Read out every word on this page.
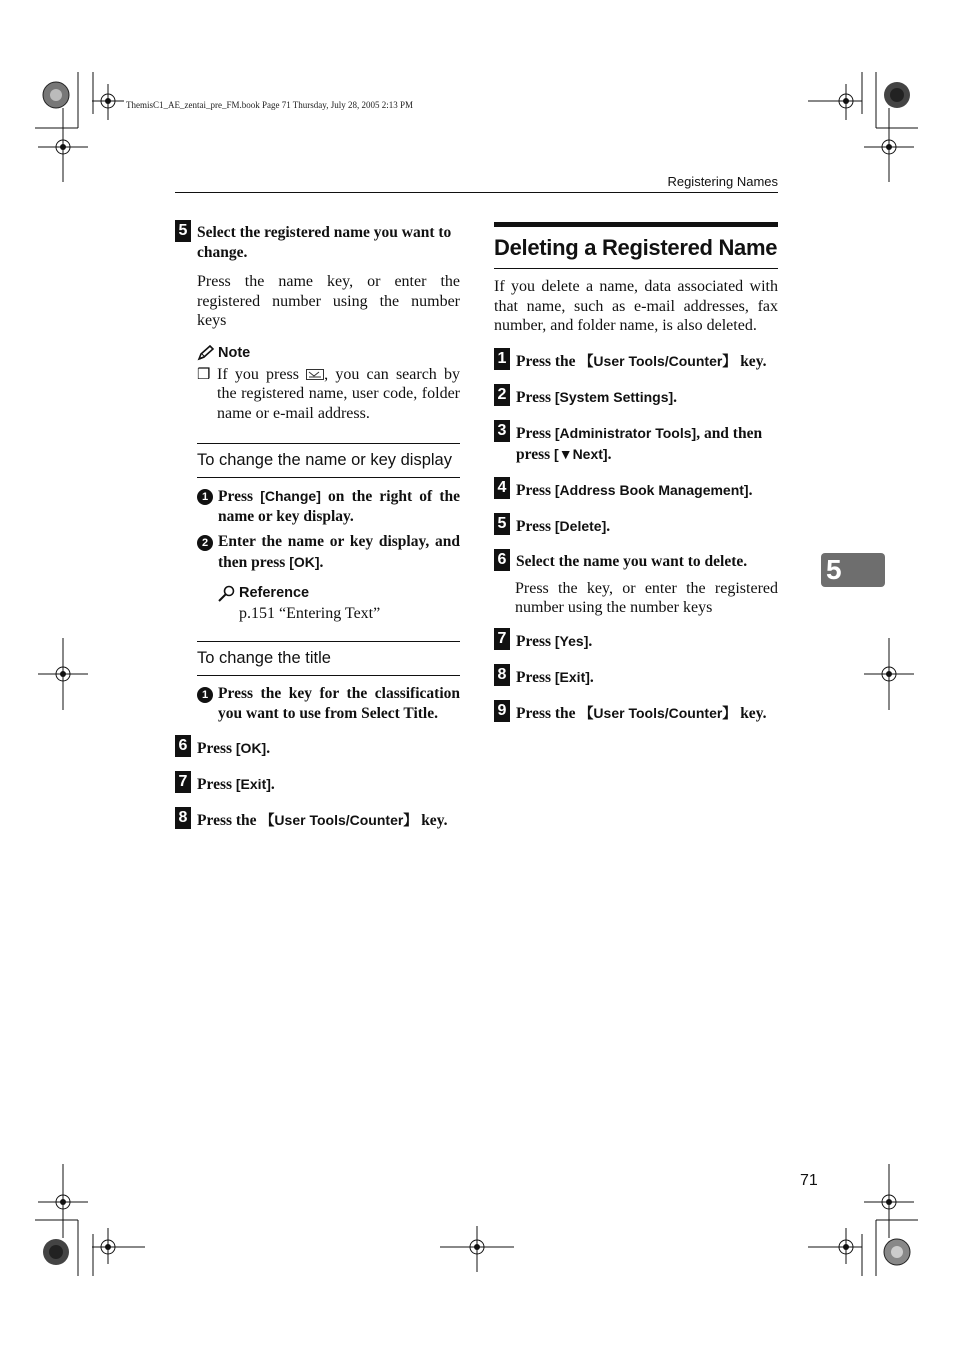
ThemisC1_AE_zentai_pre_FM.book Page 71 Thursday, July 28, 2005 2:13 PM
Registering Names
5 Select the registered name you want to change.
Press the name key, or enter the registered number using the number keys
Note
❒ If you press , you can search by the registered name, user code, folder name or e-mail address.
To change the name or key display
1 Press [Change] on the right of the name or key display.
2 Enter the name or key display, and then press [OK].
Reference
p.151 “Entering Text”
To change the title
1 Press the key for the classification you want to use from Select Title.
6 Press [OK].
7 Press [Exit].
8 Press the 【User Tools/Counter】 key.
Deleting a Registered Name
If you delete a name, data associated with that name, such as e-mail addresses, fax number, and folder name, is also deleted.
1 Press the 【User Tools/Counter】 key.
2 Press [System Settings].
3 Press [Administrator Tools], and then press [▼Next].
4 Press [Address Book Management].
5 Press [Delete].
6 Select the name you want to delete.
Press the key, or enter the registered number using the number keys
7 Press [Yes].
8 Press [Exit].
9 Press the 【User Tools/Counter】 key.
5
71
